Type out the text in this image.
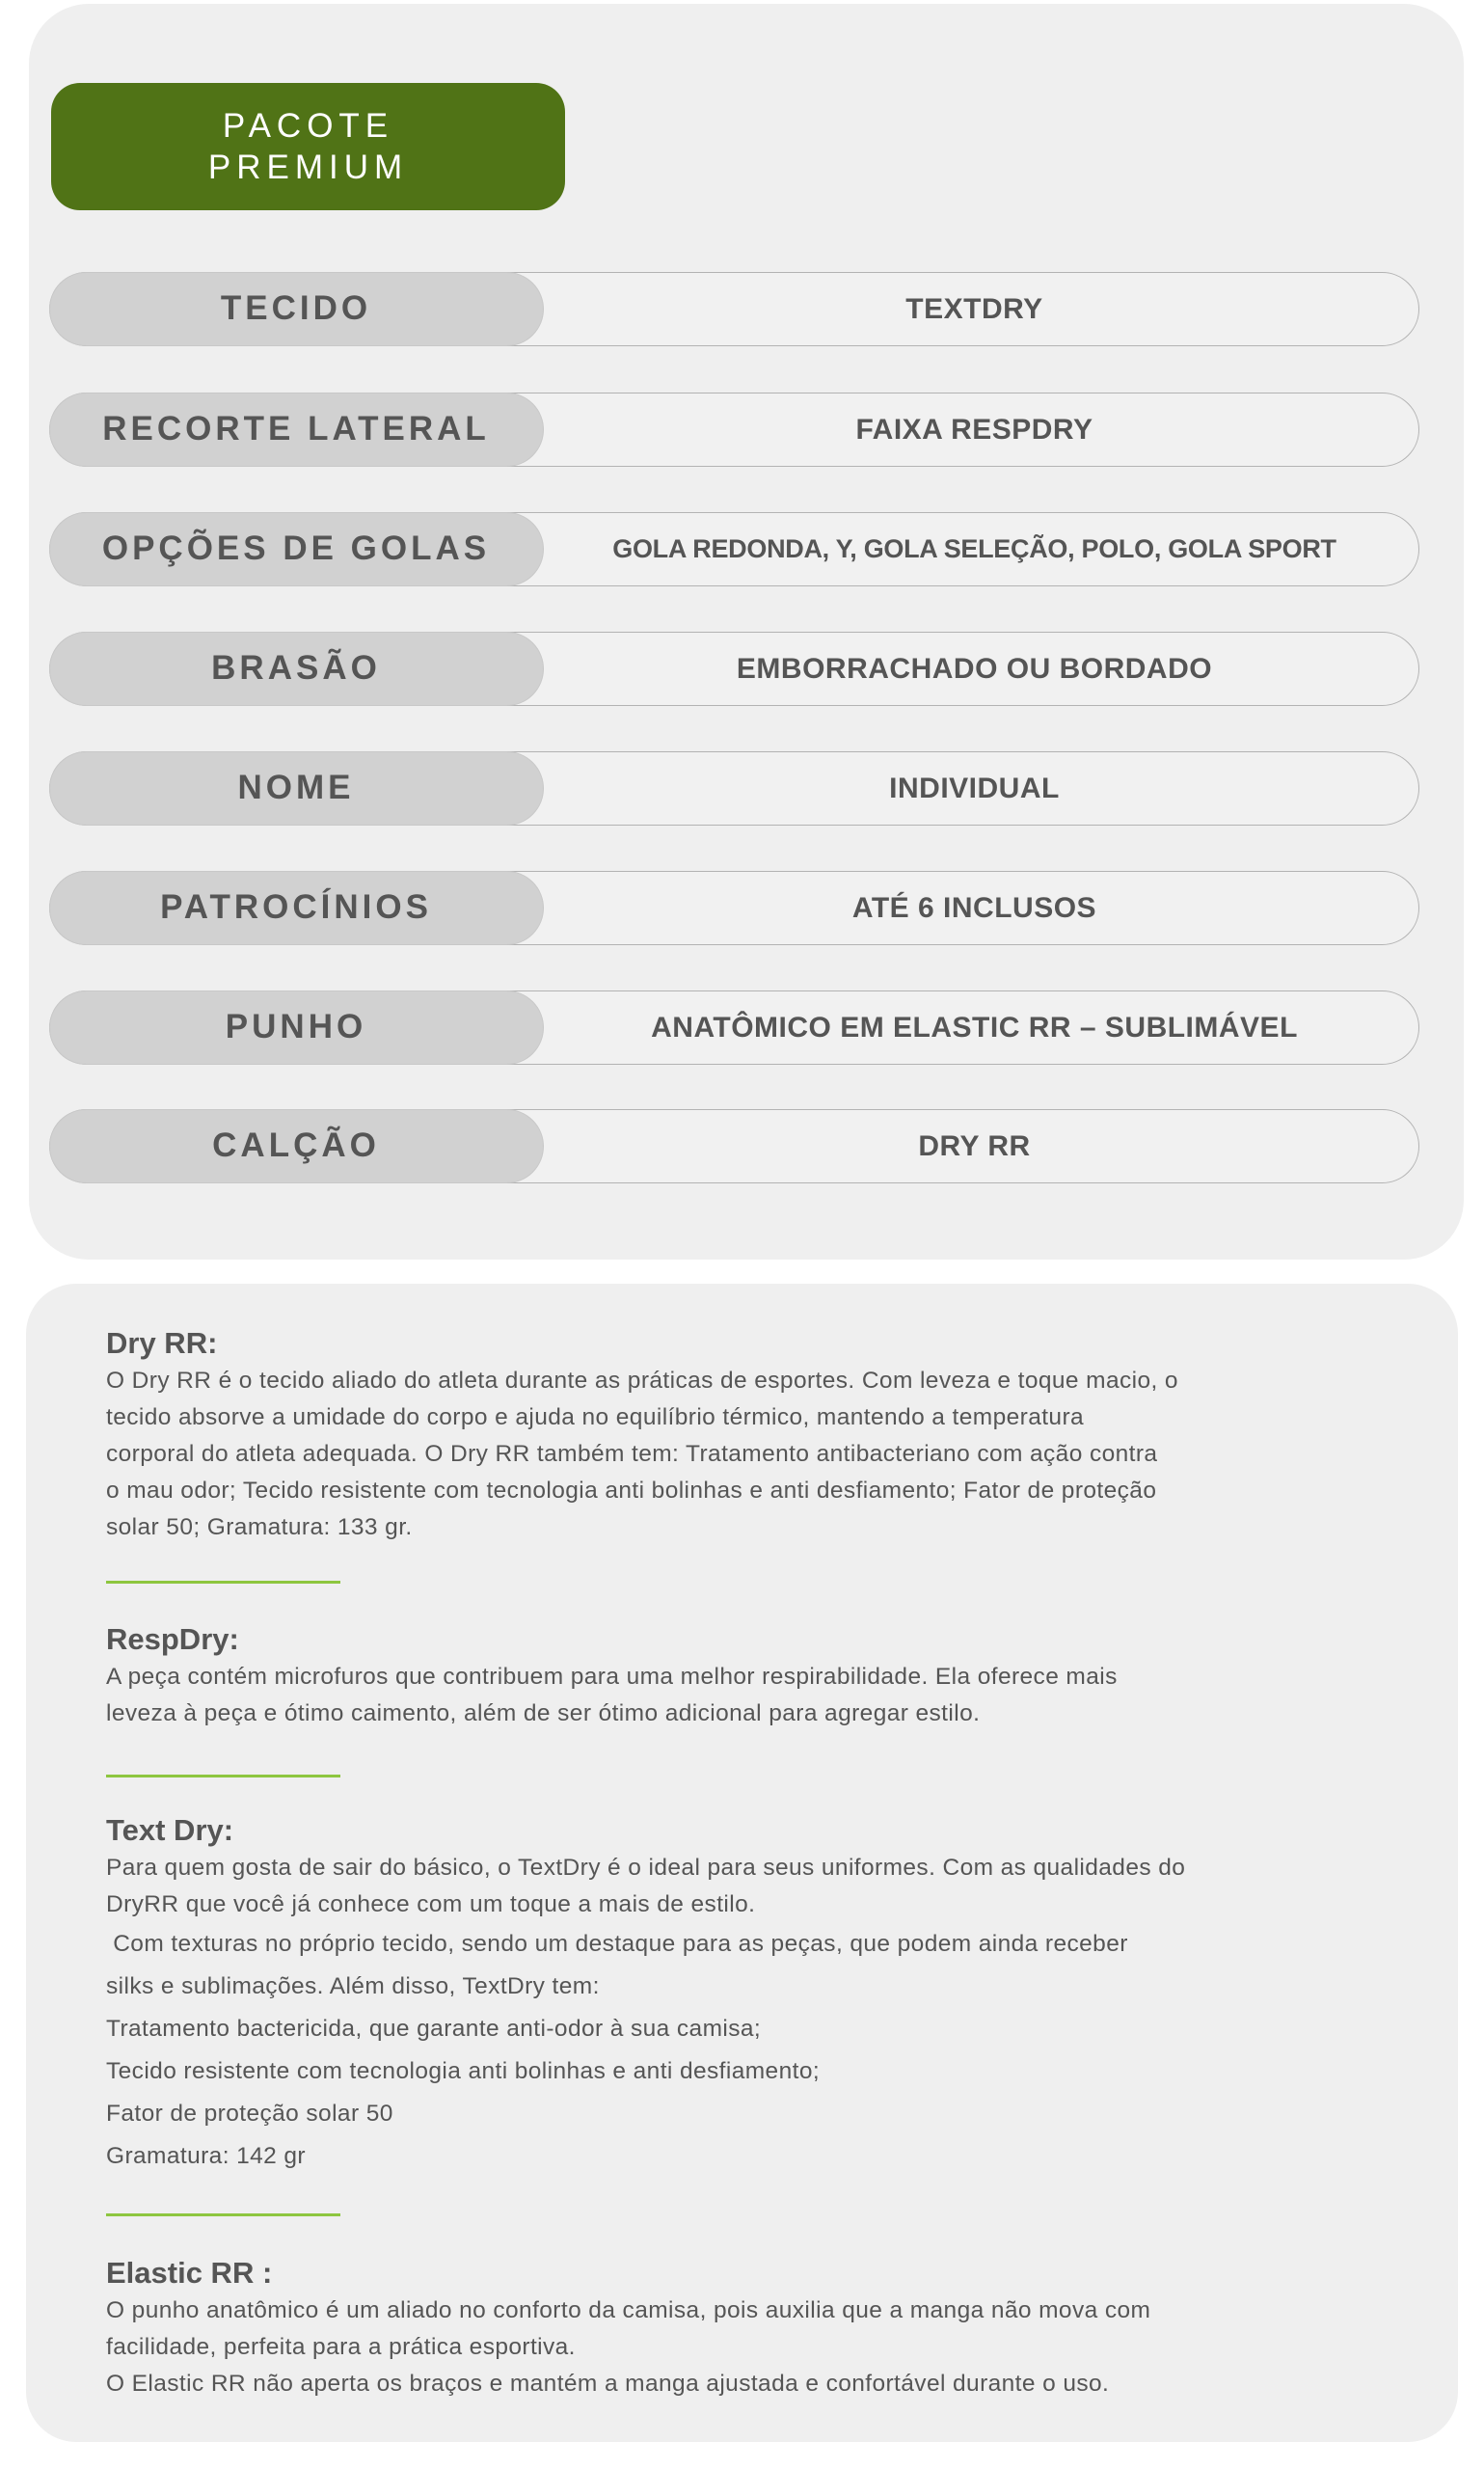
PACOTE
PREMIUM
TECIDO	TEXTDRY
RECORTE LATERAL	FAIXA RESPDRY
OPÇÕES DE GOLAS	GOLA REDONDA, Y, GOLA SELEÇÃO, POLO, GOLA SPORT
BRASÃO	EMBORRACHADO OU BORDADO
NOME	INDIVIDUAL
PATROCÍNIOS	ATÉ 6 INCLUSOS
PUNHO	ANATÔMICO EM ELASTIC RR – SUBLIMÁVEL
CALÇÃO	DRY RR
Dry RR:

O Dry RR é o tecido aliado do atleta durante as práticas de esportes. Com leveza e toque macio, o

tecido absorve a umidade do corpo e ajuda no equilíbrio térmico, mantendo a temperatura

corporal do atleta adequada. O Dry RR também tem: Tratamento antibacteriano com ação contra

o mau odor; Tecido resistente com tecnologia anti bolinhas e anti desfiamento; Fator de proteção

solar 50; Gramatura: 133 gr.

RespDry:

A peça contém microfuros que contribuem para uma melhor respirabilidade. Ela oferece mais

leveza à peça e ótimo caimento, além de ser ótimo adicional para agregar estilo.

Text Dry:

Para quem gosta de sair do básico, o TextDry é o ideal para seus uniformes. Com as qualidades do

DryRR que você já conhece com um toque a mais de estilo.

Com texturas no próprio tecido, sendo um destaque para as peças, que podem ainda receber

silks e sublimações. Além disso, TextDry tem:

Tratamento bactericida, que garante anti-odor à sua camisa;

Tecido resistente com tecnologia anti bolinhas e anti desfiamento;

Fator de proteção solar 50

Gramatura: 142 gr

Elastic RR :

O punho anatômico é um aliado no conforto da camisa, pois auxilia que a manga não mova com

facilidade, perfeita para a prática esportiva.

O Elastic RR não aperta os braços e mantém a manga ajustada e confortável durante o uso.
